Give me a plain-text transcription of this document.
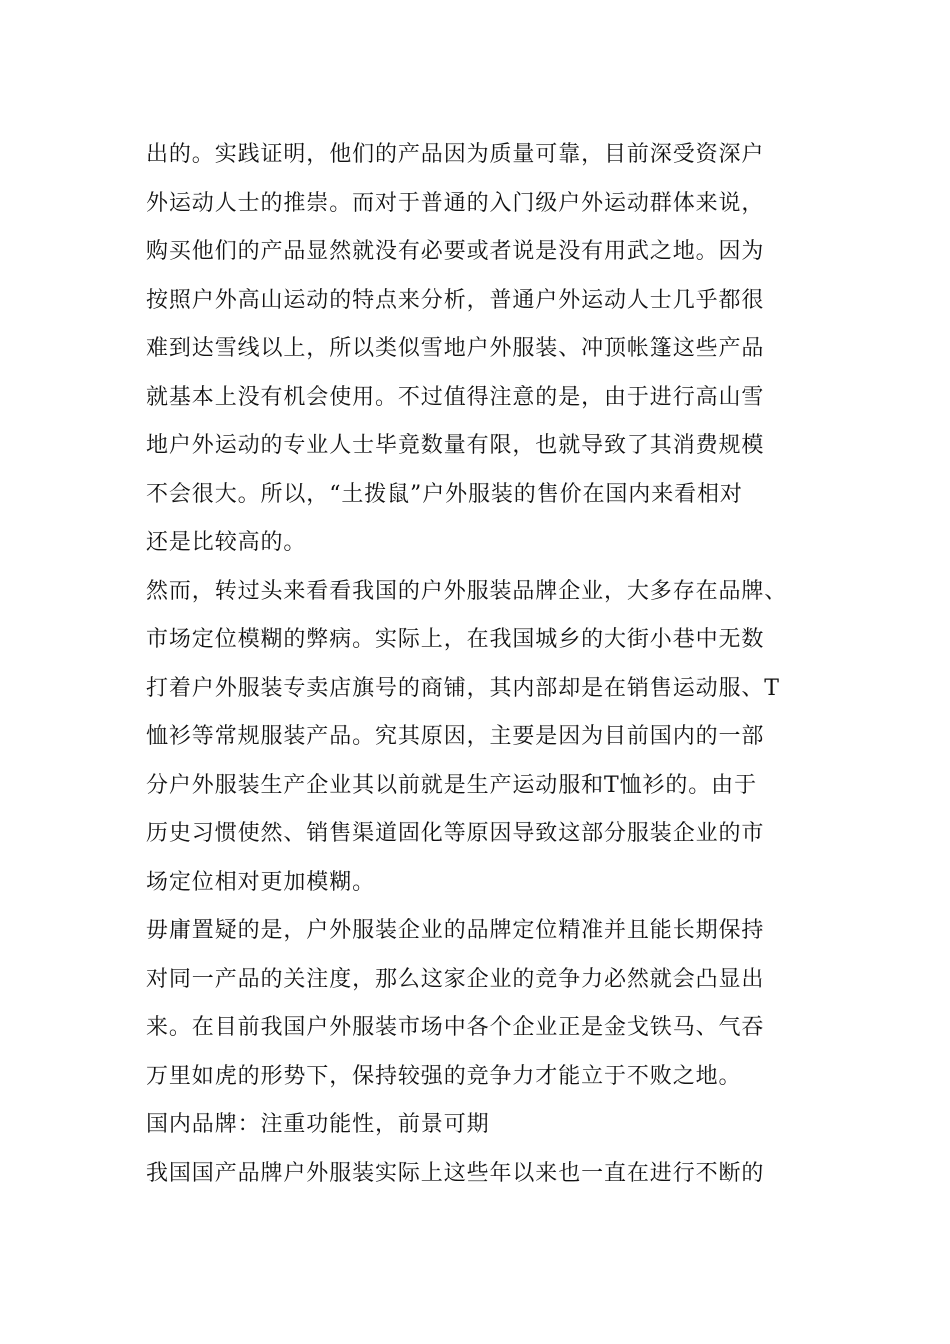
出的。实践证明，他们的产品因为质量可靠，目前深受资深户
外运动人士的推崇。而对于普通的入门级户外运动群体来说，
购买他们的产品显然就没有必要或者说是没有用武之地。因为
按照户外高山运动的特点来分析，普通户外运动人士几乎都很
难到达雪线以上，所以类似雪地户外服装、冲顶帐篷这些产品
就基本上没有机会使用。不过值得注意的是，由于进行高山雪
地户外运动的专业人士毕竟数量有限，也就导致了其消费规模
不会很大。所以，“土拨鼠”户外服装的售价在国内来看相对
还是比较高的。
然而，转过头来看看我国的户外服装品牌企业，大多存在品牌、
市场定位模糊的弊病。实际上，在我国城乡的大街小巷中无数
打着户外服装专卖店旗号的商铺，其内部却是在销售运动服、T
恤衫等常规服装产品。究其原因，主要是因为目前国内的一部
分户外服装生产企业其以前就是生产运动服和T恤衫的。由于
历史习惯使然、销售渠道固化等原因导致这部分服装企业的市
场定位相对更加模糊。
毋庸置疑的是，户外服装企业的品牌定位精准并且能长期保持
对同一产品的关注度，那么这家企业的竞争力必然就会凸显出
来。在目前我国户外服装市场中各个企业正是金戈铁马、气吞
万里如虎的形势下，保持较强的竞争力才能立于不败之地。
国内品牌：注重功能性，前景可期
我国国产品牌户外服装实际上这些年以来也一直在进行不断的
